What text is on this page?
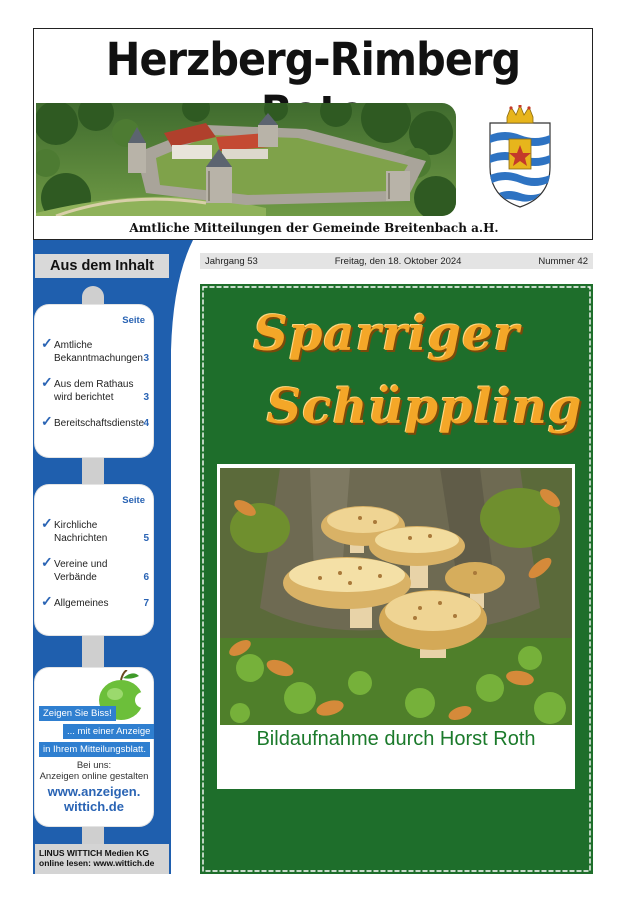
Herzberg-Rimberg
Amtliche Mitteilungen der Gemeinde Breitenbach a.H.
Aus dem Inhalt
Seite
✓ Amtliche Bekanntmachungen 3
✓ Aus dem Rathaus wird berichtet	3
✓ Bereitschaftsdienste 4
Seite
✓ Kirchliche Nachrichten	5
✓ Vereine und Verbände	6
✓ Allgemeines	7
Zeigen Sie Biss!
... mit einer Anzeige
in Ihrem Mitteilungsblatt.
Bei uns:
Anzeigen online gestalten
www.anzeigen.
wittich.de
LINUS WITTICH Medien KG
online lesen: www.wittich.de
Jahrgang 53	Freitag, den 18. Oktober 2024	Nummer 42
Sparriger
Schüppling
Bildaufnahme durch Horst Roth
